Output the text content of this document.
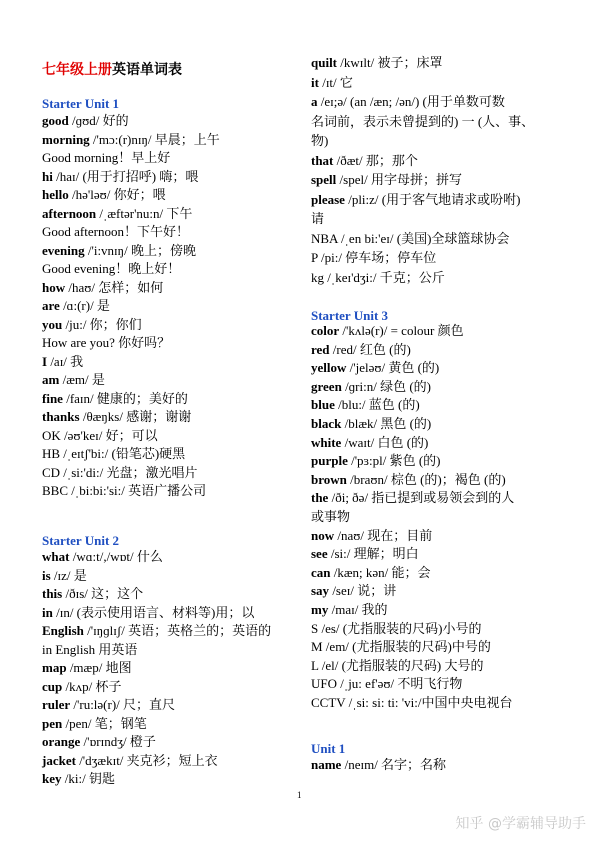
七年级上册英语单词表
Starter Unit 1
good /ɡʊd/ 好的
morning /'mɔ:(r)nɪŋ/ 早晨；上午
Good morning！早上好
hi /haɪ/ (用于打招呼) 嗨；喂
hello /hə'ləʊ/ 你好；喂
afternoon /ˌæftər'nu:n/ 下午
Good afternoon！下午好！
evening /'i:vnɪŋ/ 晚上；傍晚
Good evening！晚上好！
how /haʊ/ 怎样；如何
are /ɑ:(r)/ 是
you /ju:/ 你；你们
How are you? 你好吗？
I /aɪ/ 我
am /æm/ 是
fine /faɪn/ 健康的；美好的
thanks /θæŋks/ 感谢；谢谢
OK /əʊ'keɪ/ 好；可以
HB /ˌeɪtʃ'bi:/ (铅笔芯)硬黑
CD /ˌsi:'di:/ 光盘；激光唱片
BBC /ˌbi:bi:'si:/ 英语广播公司
Starter Unit 2
what /wɑ:t/,/wɒt/ 什么
is /ɪz/ 是
this /ðɪs/ 这；这个
in /ɪn/ (表示使用语言、材料等)用；以
English /'ɪŋɡlɪʃ/ 英语；英格兰的；英语的
in English 用英语
map /mæp/ 地图
cup /kʌp/ 杯子
ruler /'ru:lə(r)/ 尺；直尺
pen /pen/ 笔；钢笔
orange /'ɒrɪndʒ/ 橙子
jacket /'dʒækɪt/ 夹克衫；短上衣
key /ki:/ 钥匙
quilt /kwɪlt/ 被子；床罩
it /ɪt/ 它
a /eɪ;ə/ (an /æn; /ən/) (用于单数可数
名词前，表示未曾提到的) 一 (人、事、
物)
that /ðæt/ 那；那个
spell /spel/ 用字母拼；拼写
please /pli:z/ (用于客气地请求或吩咐)
请
NBA /ˌen bi:'eɪ/ (美国)全球篮球协会
P /pi:/ 停车场；停车位
kg /ˌkeɪ'dʒi:/ 千克；公斤
Starter Unit 3
color /'kʌlə(r)/ = colour 颜色
red /red/ 红色 (的)
yellow /'jeləʊ/ 黄色 (的)
green /ɡri:n/ 绿色 (的)
blue /blu:/ 蓝色 (的)
black /blæk/ 黑色 (的)
white /waɪt/ 白色 (的)
purple /'pɜ:pl/ 紫色 (的)
brown /braʊn/ 棕色 (的)；褐色 (的)
the /ði; ðə/ 指已提到或易领会到的人
或事物
now /naʊ/ 现在；目前
see /si:/ 理解；明白
can /kæn; kən/ 能；会
say /seɪ/ 说；讲
my /maɪ/ 我的
S /es/ (尤指服装的尺码)小号的
M /em/ (尤指服装的尺码)中号的
L /el/ (尤指服装的尺码) 大号的
UFO /ˌju: ef'əʊ/ 不明飞行物
CCTV /ˌsi: si: ti: 'vi:/中国中央电视台
Unit 1
name /neɪm/ 名字；名称
1
知乎 @学霸辅导助手
